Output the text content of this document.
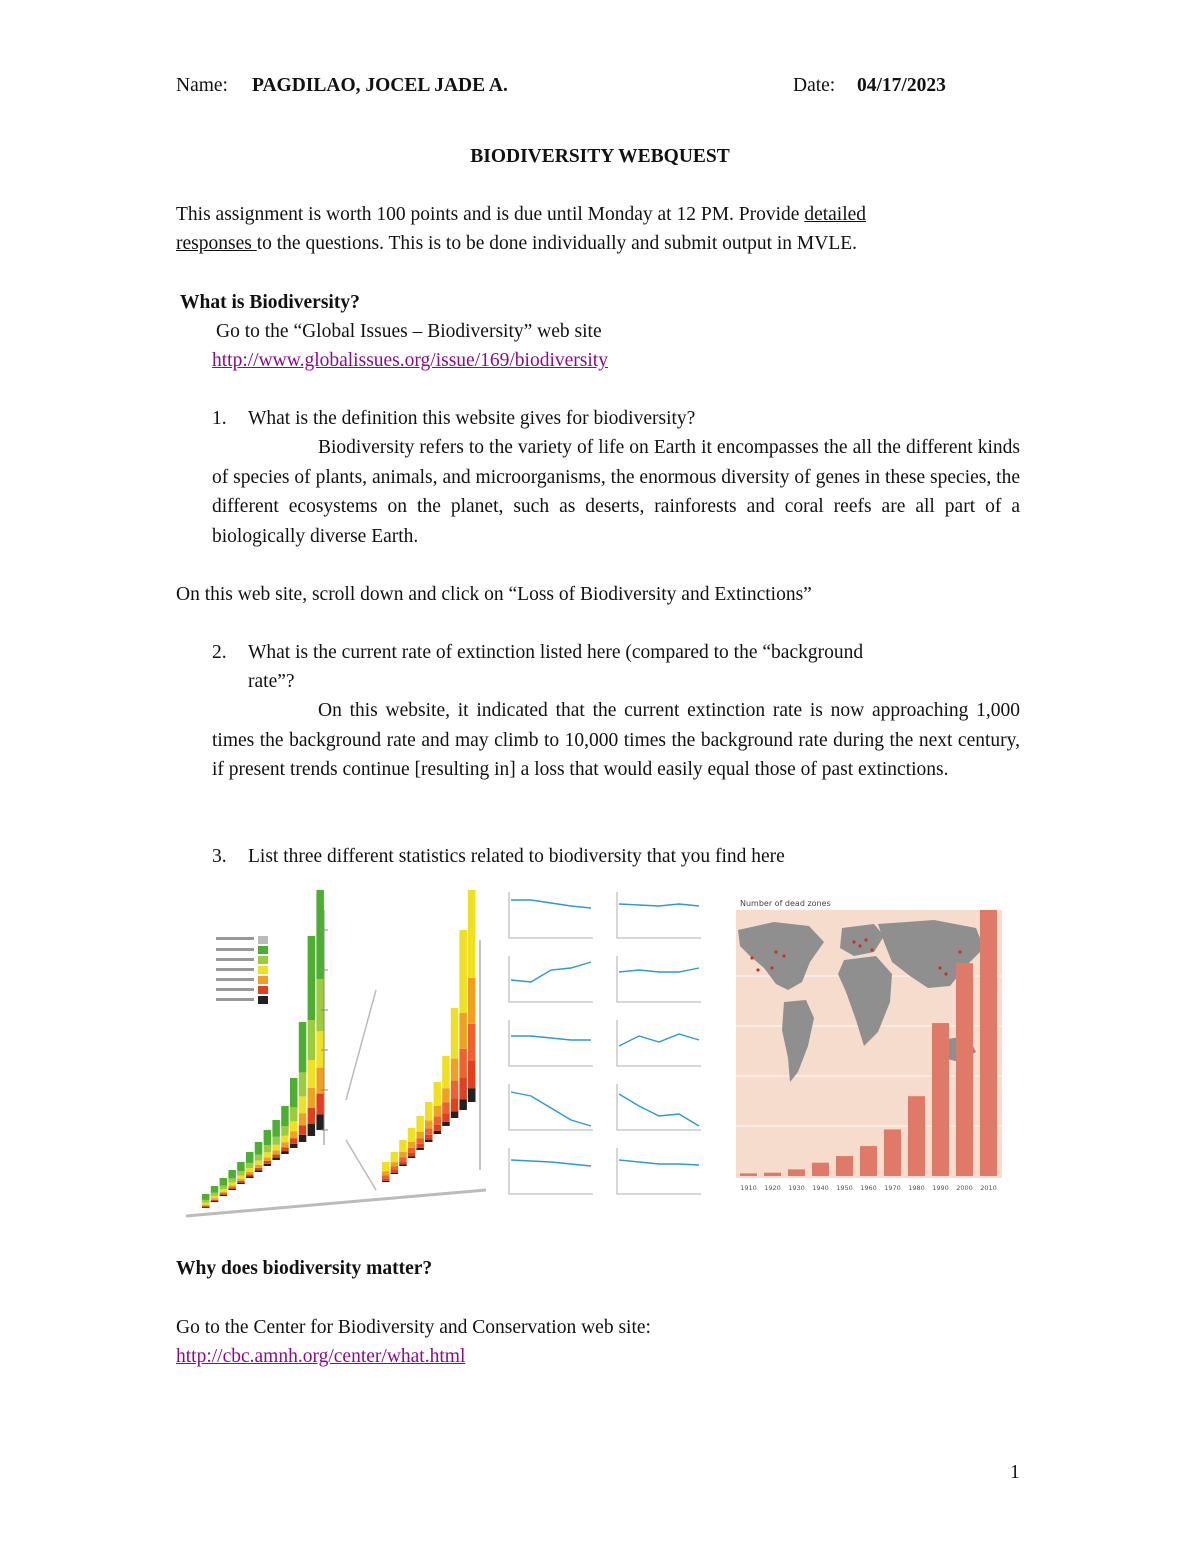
Name: PAGDILAO, JOCEL JADE A.	Date: 04/17/2023
BIODIVERSITY WEBQUEST
This assignment is worth 100 points and is due until Monday at 12 PM. Provide detailed
responses to the questions. This is to be done individually and submit output in MVLE.
What is Biodiversity?
Go to the “Global Issues – Biodiversity” web site
http://www.globalissues.org/issue/169/biodiversity
1. What is the definition this website gives for biodiversity?
Biodiversity refers to the variety of life on Earth it encompasses the all the different kinds of species of plants, animals, and microorganisms, the enormous diversity of genes in these species, the different ecosystems on the planet, such as deserts, rainforests and coral reefs are all part of a biologically diverse Earth.
On this web site, scroll down and click on “Loss of Biodiversity and Extinctions”
2. What is the current rate of extinction listed here (compared to the “background
rate”?
On this website, it indicated that the current extinction rate is now approaching 1,000 times the background rate and may climb to 10,000 times the background rate during the next century, if present trends continue [resulting in] a loss that would easily equal those of past extinctions.
3. List three different statistics related to biodiversity that you find here
Number of dead zones
1910 1920 1930 1940 1950 1960 1970 1980 1990 2000 2010
Why does biodiversity matter?
Go to the Center for Biodiversity and Conservation web site:
http://cbc.amnh.org/center/what.html
1
